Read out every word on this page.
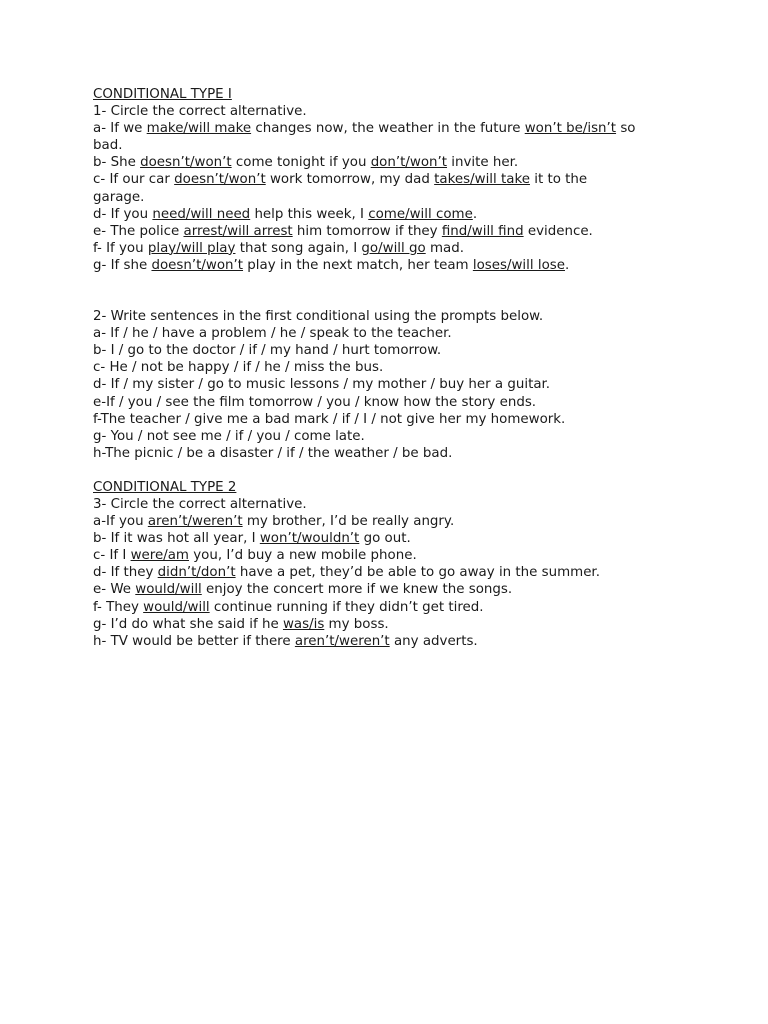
CONDITIONAL TYPE I
1- Circle the correct alternative.
a- If we make/will make changes now, the weather in the future won’t be/isn’t so
bad.
b- She doesn’t/won’t come tonight if you don’t/won’t invite her.
c- If our car doesn’t/won’t work tomorrow, my dad takes/will take it to the
garage.
d- If you need/will need help this week, I come/will come.
e- The police arrest/will arrest him tomorrow if they find/will find evidence.
f- If you play/will play that song again, I go/will go mad.
g- If she doesn’t/won’t play in the next match, her team loses/will lose.
2- Write sentences in the first conditional using the prompts below.
a- If / he / have a problem / he / speak to the teacher.
b- I / go to the doctor / if / my hand / hurt tomorrow.
c- He / not be happy / if / he / miss the bus.
d- If / my sister / go to music lessons / my mother / buy her a guitar.
e-If / you / see the film tomorrow / you / know how the story ends.
f-The teacher / give me a bad mark / if / I / not give her my homework.
g- You / not see me / if / you / come late.
h-The picnic / be a disaster / if / the weather / be bad.
CONDITIONAL TYPE 2
3- Circle the correct alternative.
a-If you aren’t/weren’t my brother, I’d be really angry.
b- If it was hot all year, I won’t/wouldn’t go out.
c- If I were/am you, I’d buy a new mobile phone.
d- If they didn’t/don’t have a pet, they’d be able to go away in the summer.
e- We would/will enjoy the concert more if we knew the songs.
f- They would/will continue running if they didn’t get tired.
g- I’d do what she said if he was/is my boss.
h- TV would be better if there aren’t/weren’t any adverts.
